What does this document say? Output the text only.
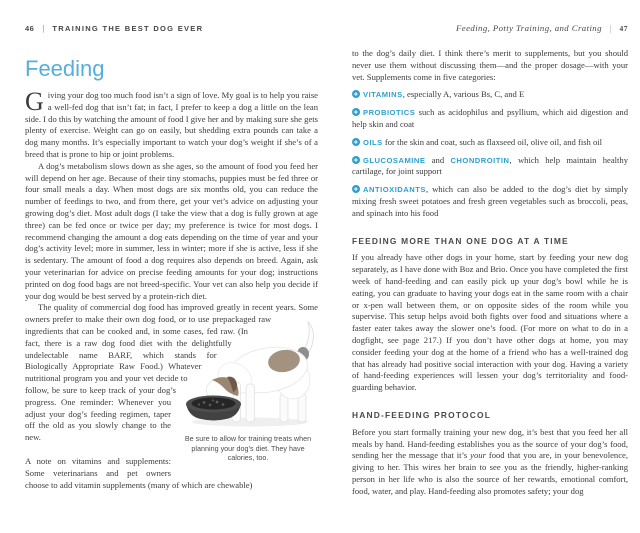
46 | TRAINING THE BEST DOG EVER
Feeding

Giving your dog too much food isn’t a sign of love. My goal is to help you raise a well-fed dog that isn’t fat; in fact, I prefer to keep a dog a little on the lean side. I do this by watching the amount of food I give her and by making sure she gets plenty of exercise. Weight can go on easily, but shedding extra pounds can take a dog many months. It’s especially important to watch your dog’s weight if she’s of a breed that is prone to hip or joint problems.

A dog’s metabolism slows down as she ages, so the amount of food you feed her will depend on her age. Because of their tiny stomachs, puppies must be fed three or four small meals a day. When most dogs are six months old, you can reduce the number of feedings to two, and from there, get your vet’s advice on adjusting your growing dog’s diet. Most adult dogs (I take the view that a dog is fully grown at age three) can be fed once or twice per day; my preference is twice for most dogs. I recommend changing the amount a dog eats depending on the time of year and your dog’s activity level; more in summer, less in winter; more if she is active, less if she is sedentary. The amount of food a dog requires also depends on breed. Again, ask your veterinarian for advice on precise feeding amounts for your dog; instructions printed on dog food bags are not breed-specific. Your vet can also help you decide if your dog would be best served by a protein-rich diet.

Be sure to allow for training treats when planning your dog’s diet. They have calories, too.
The quality of commercial dog food has improved greatly in recent years. Some owners prefer to make their own dog food, or to use prepackaged raw ingredients that can be cooked and, in some cases, fed raw. (In fact, there is a raw dog food diet with the delightfully undelectable name BARF, which stands for Biologically Appropriate Raw Food.) Whatever nutritional program you and your vet decide to follow, be sure to keep track of your dog’s progress. One reminder: Whenever you adjust your dog’s feeding regimen, taper off the old as you slowly change to the new.

A note on vitamins and supplements: Some veterinarians and pet owners choose to add vitamin supplements (many of which are chewable)

Feeding, Potty Training, and Crating | 47

to the dog’s daily diet. I think there’s merit to supplements, but you should never use them without discussing them—and the proper dosage—with your vet. Supplements come in five categories:

VITAMINS, especially A, various Bs, C, and E
PROBIOTICS such as acidophilus and psyllium, which aid digestion and help skin and coat
OILS for the skin and coat, such as flaxseed oil, olive oil, and fish oil
GLUCOSAMINE and CHONDROITIN, which help maintain healthy cartilage, for joint support
ANTIOXIDANTS, which can also be added to the dog’s diet by simply mixing fresh sweet potatoes and fresh green vegetables such as broccoli, peas, and spinach into his food
FEEDING MORE THAN ONE DOG AT A TIME

If you already have other dogs in your home, start by feeding your new dog separately, as I have done with Boz and Brio. Once you have completed the first week of hand-feeding and can easily pick up your dog’s bowl while he is eating, you can graduate to having your dogs eat in the same room with a chair or x-pen wall between them, or on opposite sides of the room while you supervise. This setup helps avoid both fights over food and situations where a faster eater takes away the slower one’s food. (For more on what to do in a dogfight, see page 217.) If you don’t have other dogs at home, you may consider feeding your dog at the home of a friend who has a well-trained dog that has already had positive social interaction with your dog. Having a variety of hand-feeding experiences will lessen your dog’s territoriality and food-guarding behavior.

HAND-FEEDING PROTOCOL

Before you start formally training your new dog, it’s best that you feed her all meals by hand. Hand-feeding establishes you as the source of your dog’s food, sending her the message that it’s your food that you are, in your benevolence, giving to her. This wires her brain to see you as the friendly, higher-ranking person in her life who is also the source of her rewards, emotional comfort, food, water, and play. Hand-feeding also promotes safety; your dog
